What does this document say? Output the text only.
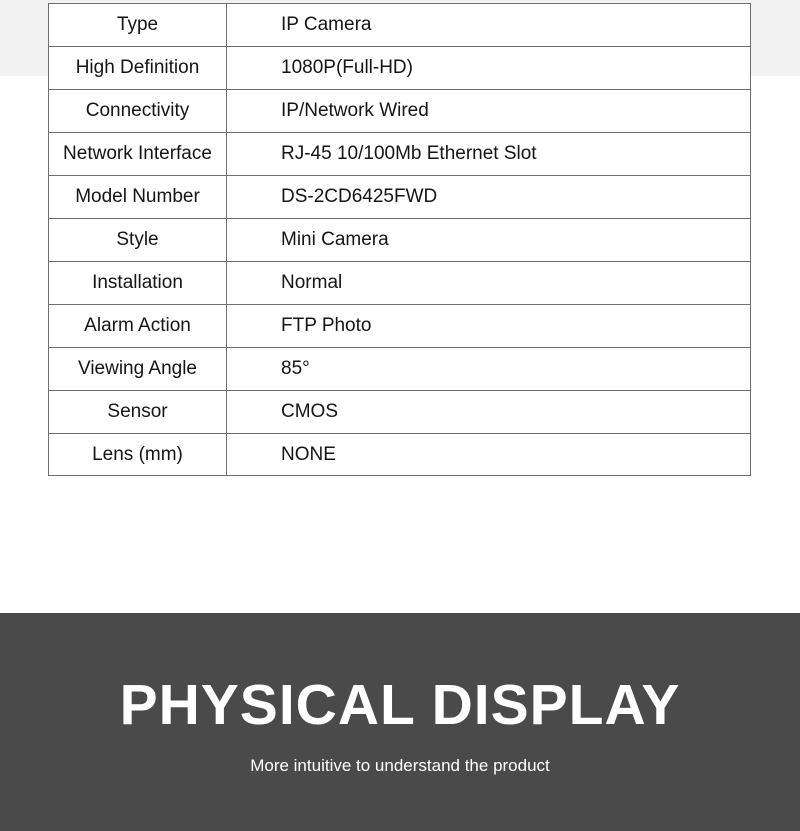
Type	IP Camera
High Definition	1080P(Full-HD)
Connectivity	IP/Network Wired
Network Interface	RJ-45 10/100Mb Ethernet Slot
Model Number	DS-2CD6425FWD
Style	Mini Camera
Installation	Normal
Alarm Action	FTP Photo
Viewing Angle	85°
Sensor	CMOS
Lens (mm)	NONE
PHYSICAL DISPLAY
More intuitive to understand the product
